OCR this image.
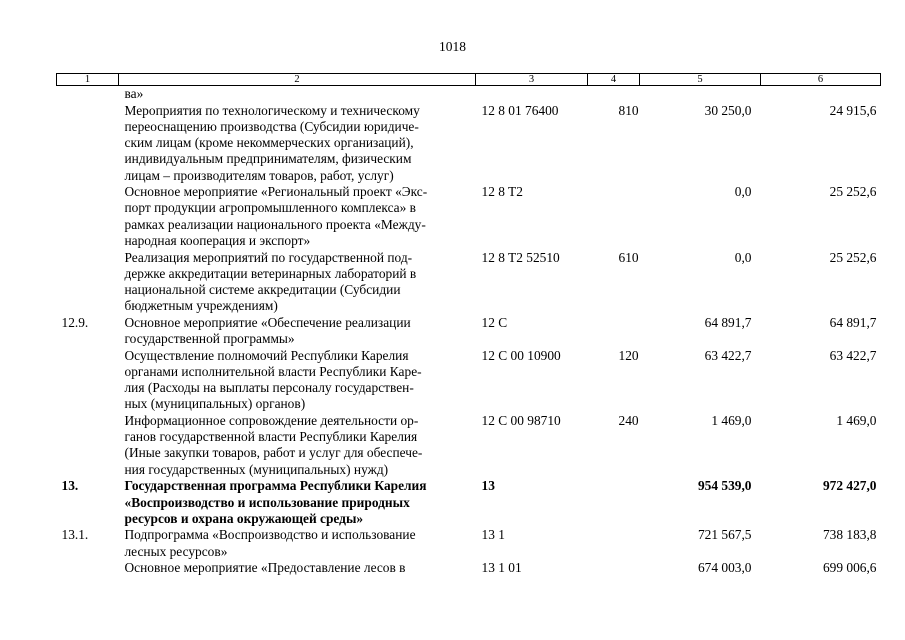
1018
1	2	3	4	5	6

	ва»				

	Мероприятия по технологическому и техническому
переоснащению производства (Субсидии юридиче-
ским лицам (кроме некоммерческих организаций),
индивидуальным предпринимателям, физическим
лицам – производителям товаров, работ, услуг)	12 8 01 76400	810	30 250,0	24 915,6

	Основное мероприятие «Региональный проект «Экс-
порт продукции агропромышленного комплекса» в
рамках реализации национального проекта «Между-
народная кооперация и экспорт»	12 8 T2		0,0	25 252,6

	Реализация мероприятий по государственной под-
держке аккредитации ветеринарных лабораторий в
национальной системе аккредитации (Субсидии
бюджетным учреждениям)	12 8 T2 52510	610	0,0	25 252,6
12.9.	Основное мероприятие «Обеспечение реализации
государственной программы»	12 С		64 891,7	64 891,7

	Осуществление полномочий Республики Карелия
органами исполнительной власти Республики Каре-
лия (Расходы на выплаты персоналу государствен-
ных (муниципальных) органов)	12 С 00 10900	120	63 422,7	63 422,7

	Информационное сопровождение деятельности ор-
ганов государственной власти Республики Карелия
(Иные закупки товаров, работ и услуг для обеспече-
ния государственных (муниципальных) нужд)	12 С 00 98710	240	1 469,0	1 469,0
13.	Государственная программа Республики Карелия
«Воспроизводство и использование природных
ресурсов и охрана окружающей среды»	13		954 539,0	972 427,0
13.1.	Подпрограмма «Воспроизводство и использование
лесных ресурсов»	13 1		721 567,5	738 183,8

	Основное мероприятие «Предоставление лесов в	13 1 01		674 003,0	699 006,6
